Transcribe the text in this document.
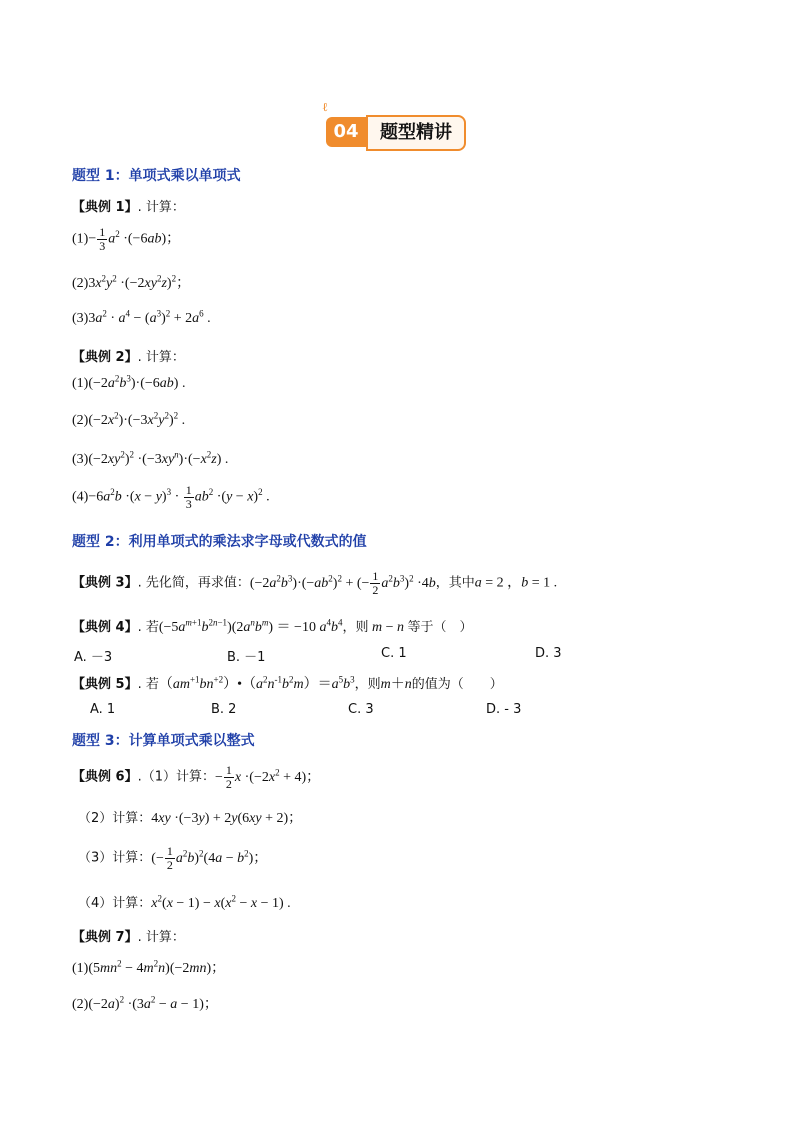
ℓ
04	题型精讲
题型 1：单项式乘以单项式
【典例 1】. 计算：
$(1)- \frac{1}{3} a^2 \cdot(-6ab)$；
$(2)3x^2y^2 \cdot(-2xy^2z)^2$；
$(3)3a^2 \cdot a^4 - (a^3)^2 + 2a^6$ .
【典例 2】. 计算：
$(1)(-2a^2b^3)\cdot(-6ab)$ .
$(2)(-2x^2)\cdot(-3x^2y^2)^2$ .
$(3)(-2xy^2)^2 \cdot(-3xy^n)\cdot(-x^2z)$ .
$(4)-6a^2b \cdot(x - y)^3 \cdot \frac{1}{3} ab^2 \cdot(y - x)^2$ .
题型 2：利用单项式的乘法求字母或代数式的值
【典例 3】. 先化简，再求值：$(-2a^2b^3)\cdot(-ab^2)^2$ + (− $\frac{1}{2} a^2b^3)^2 \cdot 4b$，其中a = 2 ，b = 1 .
【典例 4】. 若$(-5a^{m+1}b^{2n-1})(2a^nb^m) = -10$ $a^4b^4$，则 m − n 等于（　）
A. －3	B. －1	C. 1	D. 3
【典例 5】. 若$(am^{+1}bn^{+2})•(a^2n^{-1}b^2m)=a^5b^3$，则m＋n的值为（　　）
A. 1	B. 2	C. 3	D. - 3
题型 3：计算单项式乘以整式
【典例 6】.（1）计算：− $\frac{1}{2}$ $x \cdot(-2x^2 + 4)$；
（2）计算：4xy ·(−3y) + 2y(6xy + 2)；
（3）计算：(− $\frac{1}{2} a^2b)^2(4a - b^2)$；
（4）计算：$x^2(x - 1) - x(x^2 - x - 1)$ .
【典例 7】. 计算：
$(1)(5mn^2 - 4m^2n)(-2mn)$；
$(2)(-2a)^2 \cdot(3a^2 - a - 1)$；
